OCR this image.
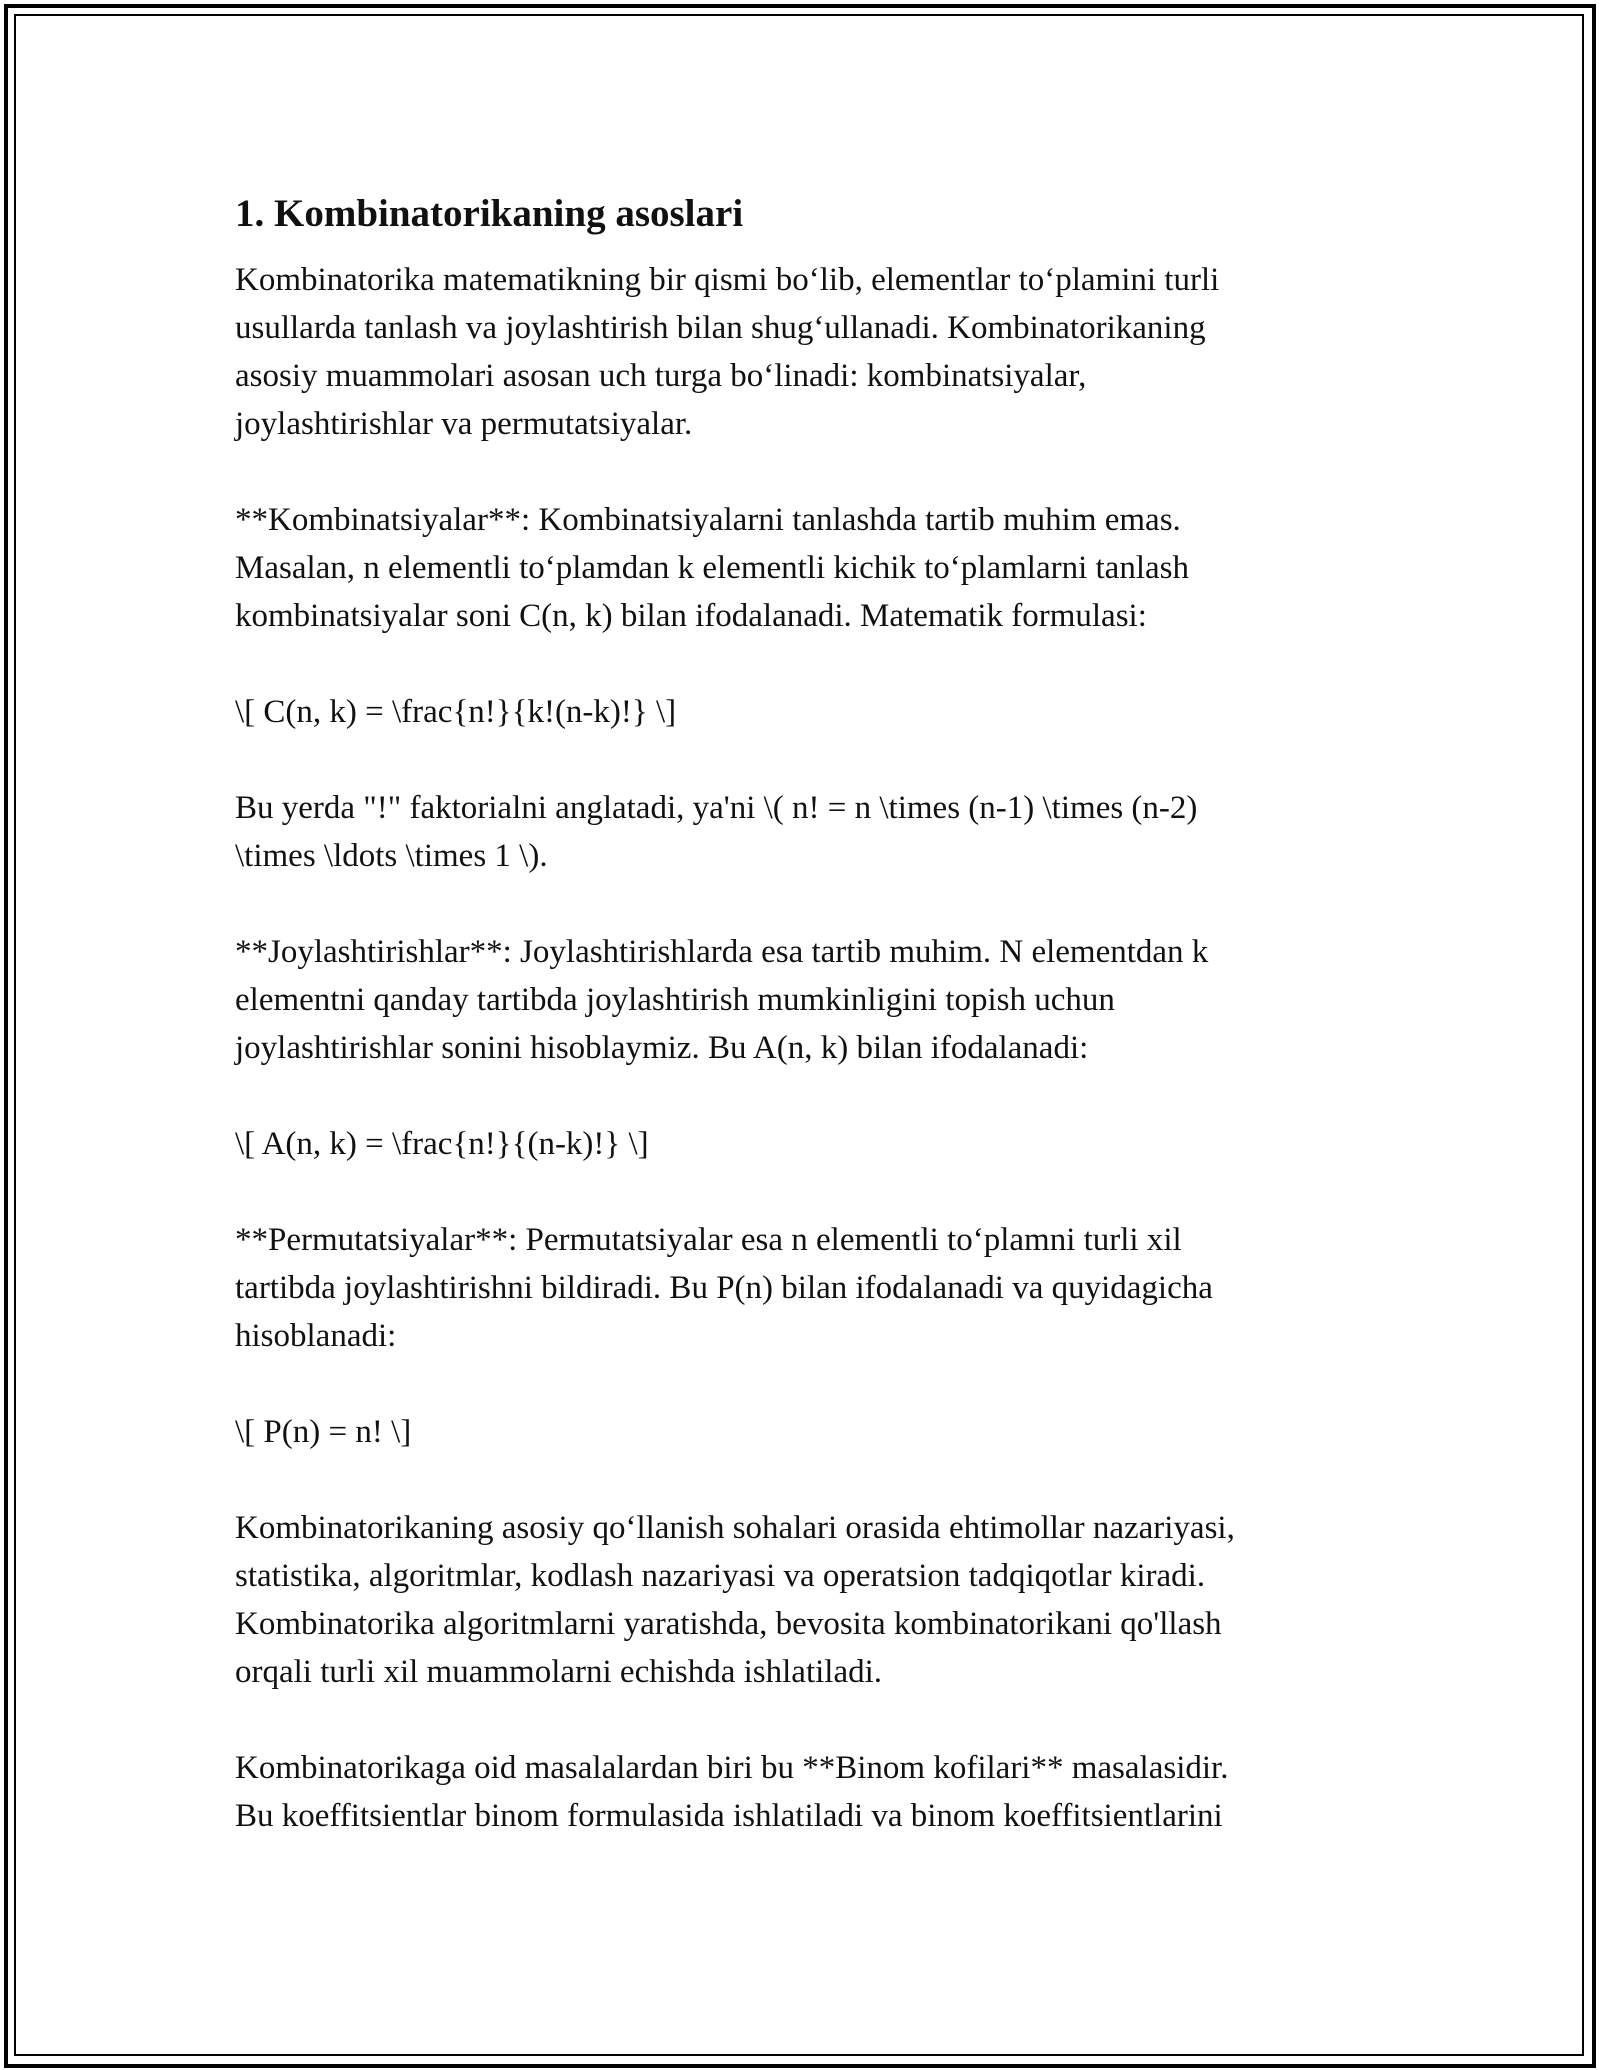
1. Kombinatorikaning asoslari

Kombinatorika matematikning bir qismi bo‘lib, elementlar to‘plamini turli
usullarda tanlash va joylashtirish bilan shug‘ullanadi. Kombinatorikaning
asosiy muammolari asosan uch turga bo‘linadi: kombinatsiyalar,
joylashtirishlar va permutatsiyalar.

**Kombinatsiyalar**: Kombinatsiyalarni tanlashda tartib muhim emas.
Masalan, n elementli to‘plamdan k elementli kichik to‘plamlarni tanlash
kombinatsiyalar soni C(n, k) bilan ifodalanadi. Matematik formulasi:

\[ C(n, k) = \frac{n!}{k!(n-k)!} \]

Bu yerda "!" faktorialni anglatadi, ya'ni \( n! = n \times (n-1) \times (n-2)
\times \ldots \times 1 \).

**Joylashtirishlar**: Joylashtirishlarda esa tartib muhim. N elementdan k
elementni qanday tartibda joylashtirish mumkinligini topish uchun
joylashtirishlar sonini hisoblaymiz. Bu A(n, k) bilan ifodalanadi:

\[ A(n, k) = \frac{n!}{(n-k)!} \]

**Permutatsiyalar**: Permutatsiyalar esa n elementli to‘plamni turli xil
tartibda joylashtirishni bildiradi. Bu P(n) bilan ifodalanadi va quyidagicha
hisoblanadi:

\[ P(n) = n! \]

Kombinatorikaning asosiy qo‘llanish sohalari orasida ehtimollar nazariyasi,
statistika, algoritmlar, kodlash nazariyasi va operatsion tadqiqotlar kiradi.
Kombinatorika algoritmlarni yaratishda, bevosita kombinatorikani qo'llash
orqali turli xil muammolarni echishda ishlatiladi.

Kombinatorikaga oid masalalardan biri bu **Binom kofilari** masalasidir.
Bu koeffitsientlar binom formulasida ishlatiladi va binom koeffitsientlarini
